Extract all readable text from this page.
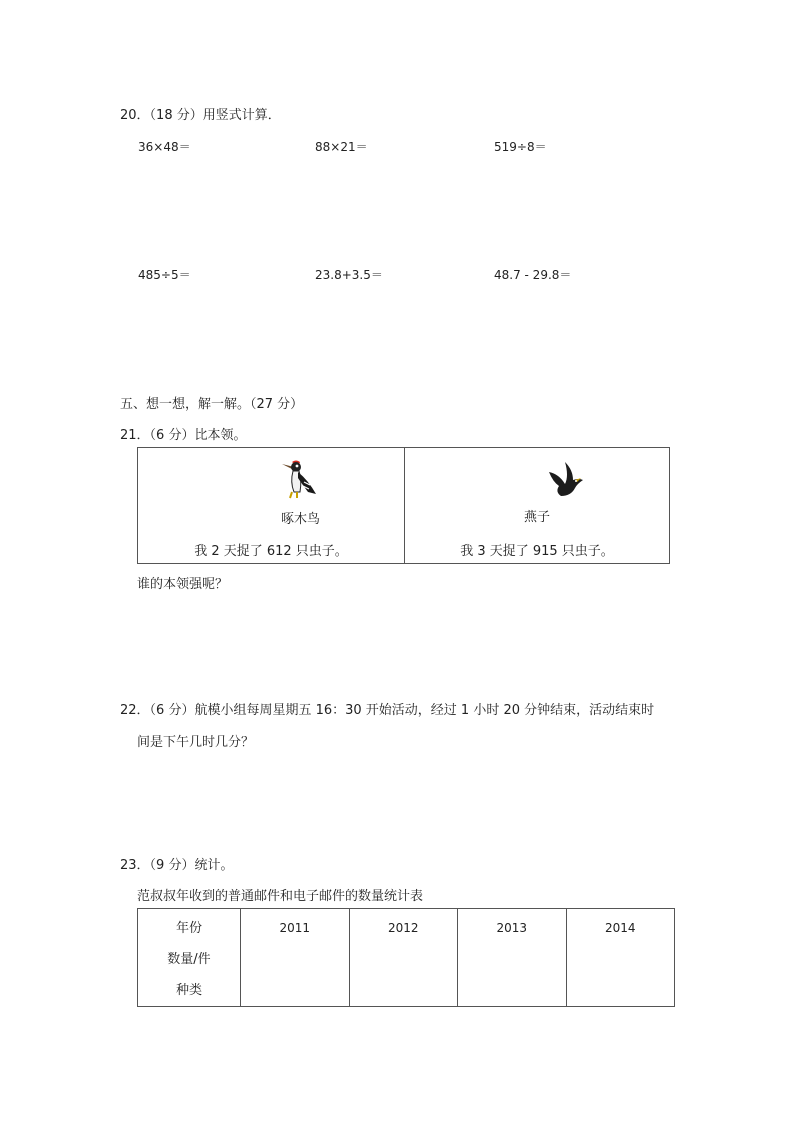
20．（18 分）用竖式计算．
36×48＝	88×21＝	519÷8＝
485÷5＝	23.8+3.5＝	48.7 - 29.8＝
五、想一想，解一解。（27 分）
21．（6 分）比本领。
啄木鸟
我 2 天捉了 612 只虫子。
燕子
我 3 天捉了 915 只虫子。
谁的本领强呢？
22．（6 分）航模小组每周星期五 16：30 开始活动，经过 1 小时 20 分钟结束，活动结束时
间是下午几时几分？
23．（9 分）统计。
范叔叔年收到的普通邮件和电子邮件的数量统计表
年份
数量/件
种类
	2011	2012	2013	2014
